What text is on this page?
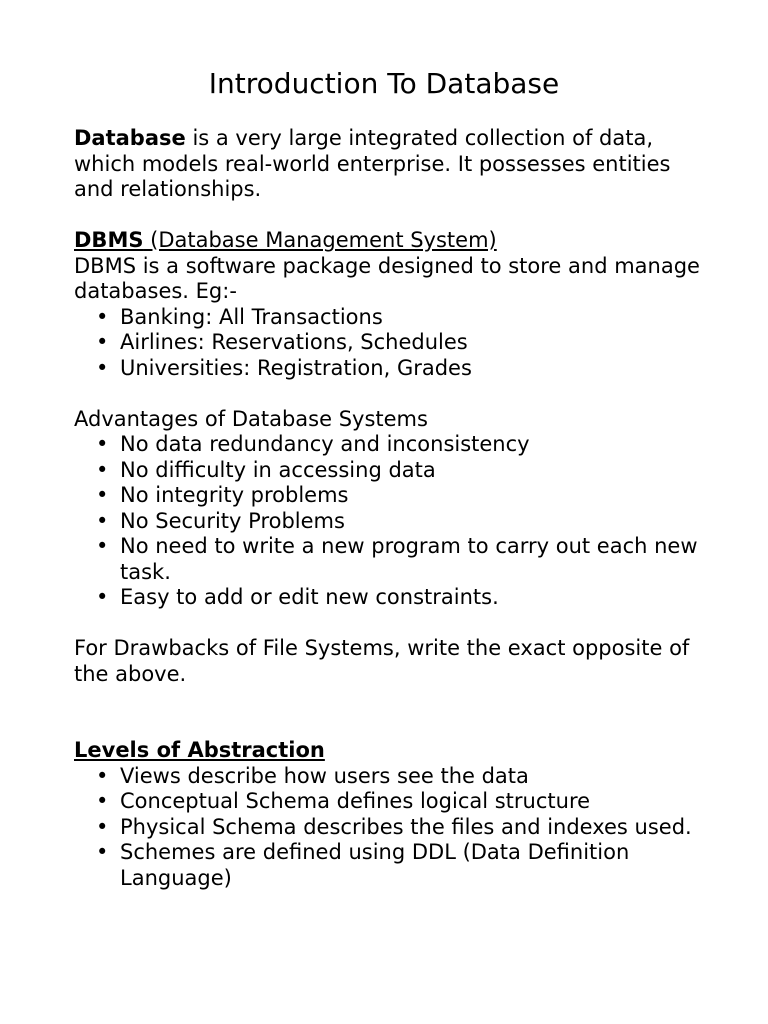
Introduction To Database

Database is a very large integrated collection of data, which models real-world enterprise. It possesses entities and relationships.

DBMS (Database Management System)

DBMS is a software package designed to store and manage databases. Eg:-

• Banking: All Transactions
• Airlines: Reservations, Schedules
• Universities: Registration, Grades

Advantages of Database Systems

• No data redundancy and inconsistency
• No difficulty in accessing data
• No integrity problems
• No Security Problems
• No need to write a new program to carry out each new task.
• Easy to add or edit new constraints.

For Drawbacks of File Systems, write the exact opposite of the above.

Levels of Abstraction

• Views describe how users see the data
• Conceptual Schema defines logical structure
• Physical Schema describes the files and indexes used.
• Schemes are defined using DDL (Data Definition Language)
